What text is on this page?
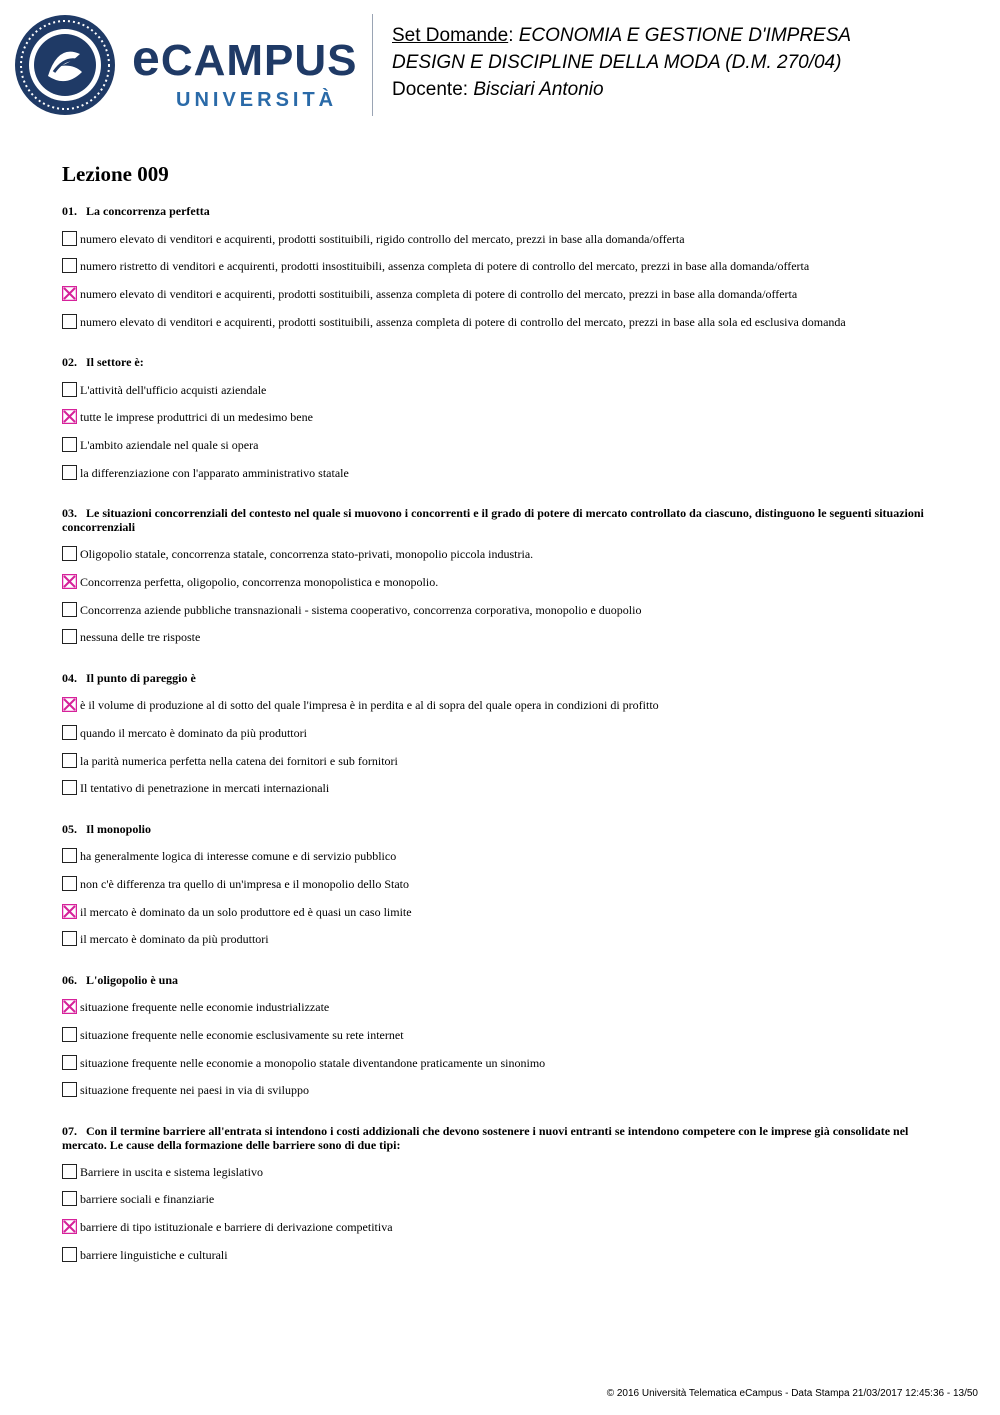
eCAMPUS
UNIVERSITÀ
Set Domande: ECONOMIA E GESTIONE D'IMPRESA
DESIGN E DISCIPLINE DELLA MODA (D.M. 270/04)
Docente: Bisciari Antonio
Lezione 009
01. La concorrenza perfetta
numero elevato di venditori e acquirenti, prodotti sostituibili, rigido controllo del mercato, prezzi in base alla domanda/offerta
numero ristretto di venditori e acquirenti, prodotti insostituibili, assenza completa di potere di controllo del mercato, prezzi in base alla domanda/offerta
numero elevato di venditori e acquirenti, prodotti sostituibili, assenza completa di potere di controllo del mercato, prezzi in base alla domanda/offerta
numero elevato di venditori e acquirenti, prodotti sostituibili, assenza completa di potere di controllo del mercato, prezzi in base alla sola ed esclusiva domanda
02. Il settore è:
L'attività dell'ufficio acquisti aziendale
tutte le imprese produttrici di un medesimo bene
L'ambito aziendale nel quale si opera
la differenziazione con l'apparato amministrativo statale
03. Le situazioni concorrenziali del contesto nel quale si muovono i concorrenti e il grado di potere di mercato controllato da ciascuno, distinguono le seguenti situazioni concorrenziali
Oligopolio statale, concorrenza statale, concorrenza stato-privati, monopolio piccola industria.
Concorrenza perfetta, oligopolio, concorrenza monopolistica e monopolio.
Concorrenza aziende pubbliche transnazionali - sistema cooperativo, concorrenza corporativa, monopolio e duopolio
nessuna delle tre risposte
04. Il punto di pareggio è
è il volume di produzione al di sotto del quale l'impresa è in perdita e al di sopra del quale opera in condizioni di profitto
quando il mercato è dominato da più produttori
la parità numerica perfetta nella catena dei fornitori e sub fornitori
Il tentativo di penetrazione in mercati internazionali
05. Il monopolio
ha generalmente logica di interesse comune e di servizio pubblico
non c'è differenza tra quello di un'impresa e il monopolio dello Stato
il mercato è dominato da un solo produttore ed è quasi un caso limite
il mercato è dominato da più produttori
06. L'oligopolio è una
situazione frequente nelle economie industrializzate
situazione frequente nelle economie esclusivamente su rete internet
situazione frequente nelle economie a monopolio statale diventandone praticamente un sinonimo
situazione frequente nei paesi in via di sviluppo
07. Con il termine barriere all'entrata si intendono i costi addizionali che devono sostenere i nuovi entranti se intendono competere con le imprese già consolidate nel mercato. Le cause della formazione delle barriere sono di due tipi:
Barriere in uscita e sistema legislativo
barriere sociali e finanziarie
barriere di tipo istituzionale e barriere di derivazione competitiva
barriere linguistiche e culturali
© 2016 Università Telematica eCampus - Data Stampa 21/03/2017 12:45:36 - 13/50
